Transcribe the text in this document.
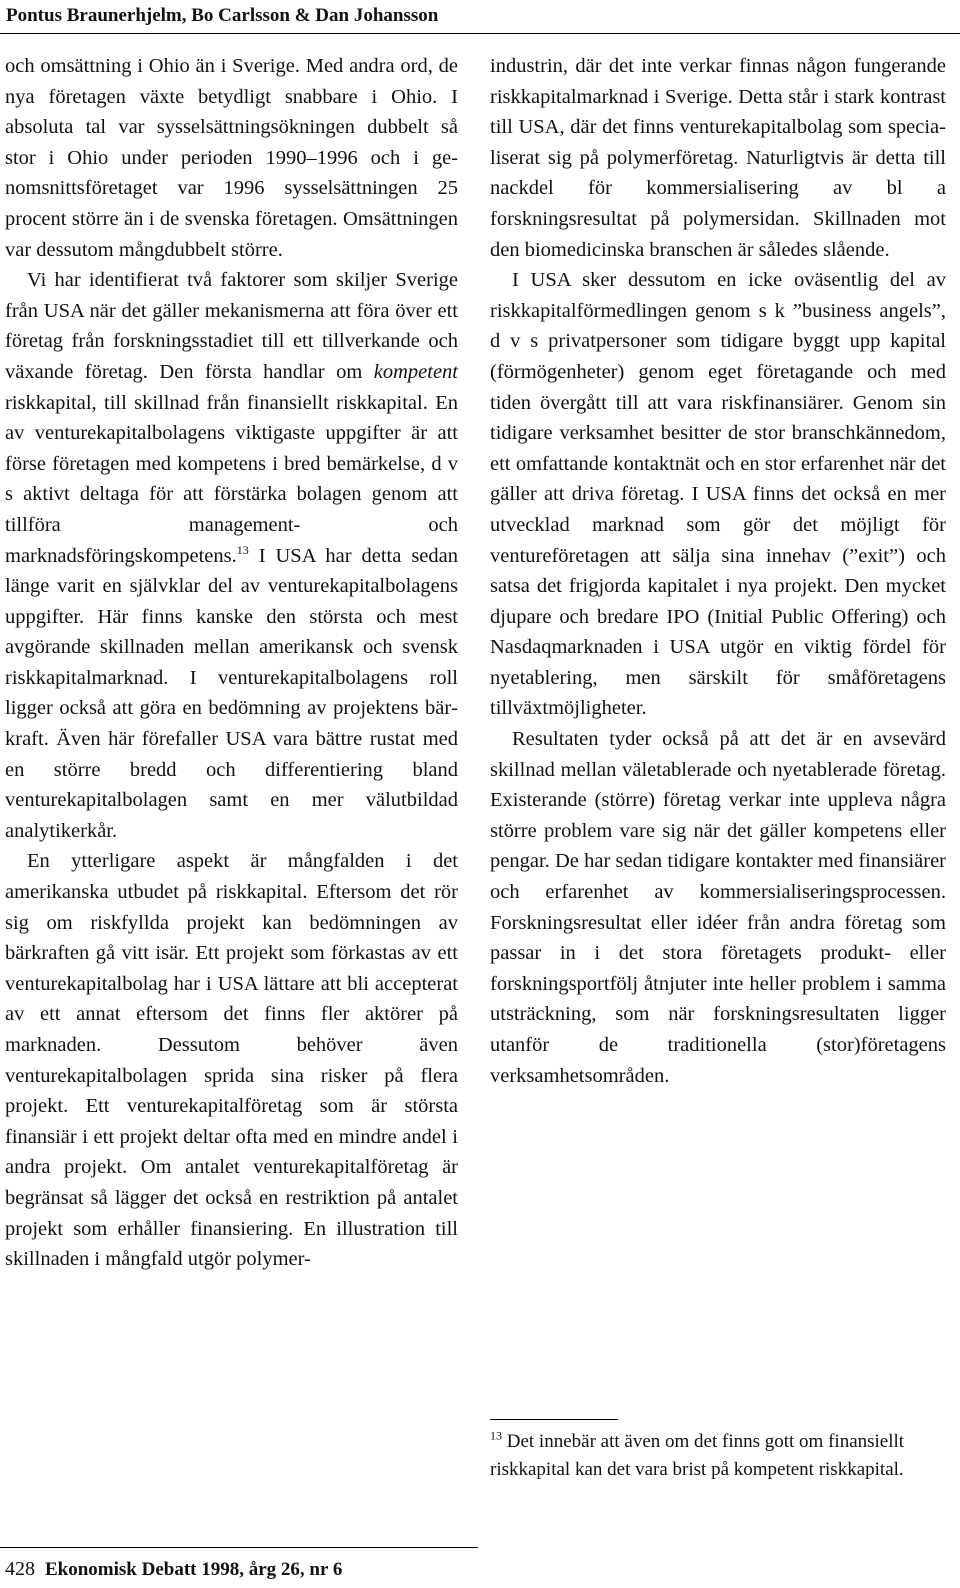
Pontus Braunerhjelm, Bo Carlsson & Dan Johansson

och omsättning i Ohio än i Sverige. Med andra ord, de nya företagen växte betydligt snabbare i Ohio. I absoluta tal var sysselsättningsökningen dubbelt så stor i Ohio under perioden 1990–1996 och i genomsnittsföretaget var 1996 sysselsättningen 25 procent större än i de svenska företagen. Omsättningen var dessutom mångdubbelt större.

Vi har identifierat två faktorer som skiljer Sverige från USA när det gäller mekanismerna att föra över ett företag från forskningsstadiet till ett tillverkande och växande företag. Den första handlar om kompetent riskkapital, till skillnad från finansiellt riskkapital. En av venturekapitalbolagens viktigaste uppgifter är att förse företagen med kompetens i bred bemärkelse, d v s aktivt deltaga för att förstärka bolagen genom att tillföra management- och marknadsföringskompetens.$^{13}$ I USA har detta sedan länge varit en självklar del av venturekapitalbolagens uppgifter. Här finns kanske den största och mest avgörande skillnaden mellan amerikansk och svensk riskkapitalmarknad. I venturekapitalbolagens roll ligger också att göra en bedömning av projektens bärkraft. Även här förefaller USA vara bättre rustat med en större bredd och differentiering bland venturekapitalbolagen samt en mer välutbildad analytikerkår.

En ytterligare aspekt är mångfalden i det amerikanska utbudet på riskkapital. Eftersom det rör sig om riskfyllda projekt kan bedömningen av bärkraften gå vitt isär. Ett projekt som förkastas av ett venturekapitalbolag har i USA lättare att bli accepterat av ett annat eftersom det finns fler aktörer på marknaden. Dessutom behöver även venturekapitalbolagen sprida sina risker på flera projekt. Ett venturekapitalföretag som är största finansiär i ett projekt deltar ofta med en mindre andel i andra projekt. Om antalet venturekapitalföretag är begränsat så lägger det också en restriktion på antalet projekt som erhåller finansiering. En illustration till skillnaden i mångfald utgör polymer-

industrin, där det inte verkar finnas någon fungerande riskkapitalmarknad i Sverige. Detta står i stark kontrast till USA, där det finns venturekapitalbolag som specialiserat sig på polymerföretag. Naturligtvis är detta till nackdel för kommersialisering av bl a forskningsresultat på polymersidan. Skillnaden mot den biomedicinska branschen är således slående.

I USA sker dessutom en icke oväsentlig del av riskkapitalförmedlingen genom s k ”business angels”, d v s privatpersoner som tidigare byggt upp kapital (förmögenheter) genom eget företagande och med tiden övergått till att vara riskfinansiärer. Genom sin tidigare verksamhet besitter de stor branschkännedom, ett omfattande kontaktnät och en stor erfarenhet när det gäller att driva företag. I USA finns det också en mer utvecklad marknad som gör det möjligt för ventureföretagen att sälja sina innehav (”exit”) och satsa det frigjorda kapitalet i nya projekt. Den mycket djupare och bredare IPO (Initial Public Offering) och Nasdaqmarknaden i USA utgör en viktig fördel för nyetablering, men särskilt för småföretagens tillväxtmöjligheter.

Resultaten tyder också på att det är en avsevärd skillnad mellan väletablerade och nyetablerade företag. Existerande (större) företag verkar inte uppleva några större problem vare sig när det gäller kompetens eller pengar. De har sedan tidigare kontakter med finansiärer och erfarenhet av kommersialiseringsprocessen. Forskningsresultat eller idéer från andra företag som passar in i det stora företagets produkt- eller forskningsportfölj åtnjuter inte heller problem i samma utsträckning, som när forskningsresultaten ligger utanför de traditionella (stor)företagens verksamhetsområden.

$^{13}$ Det innebär att även om det finns gott om finansiellt riskkapital kan det vara brist på kompetent riskkapital.
428 Ekonomisk Debatt 1998, årg 26, nr 6
